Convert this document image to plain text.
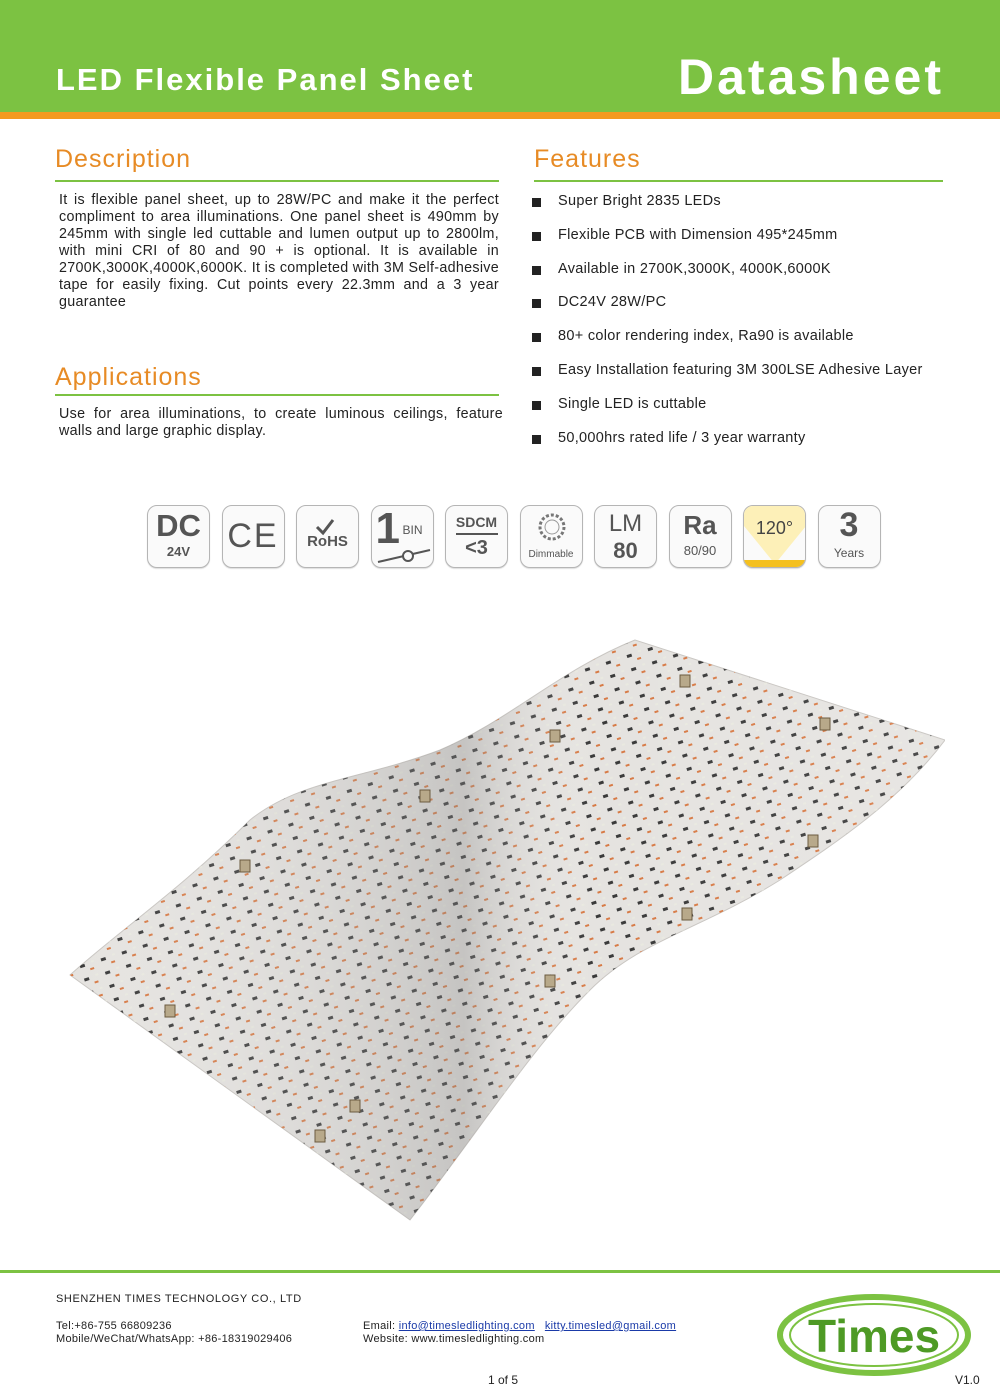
LED Flexible Panel Sheet	Datasheet
Description
It is flexible panel sheet, up to 28W/PC and make it the perfect compliment to area illuminations. One panel sheet is 490mm by 245mm with single led cuttable and lumen output up to 2800lm, with mini CRI of 80 and 90 + is optional. It is available in 2700K,3000K,4000K,6000K. It is completed with 3M Self-adhesive tape for easily fixing. Cut points every 22.3mm and a 3 year guarantee
Applications
Use for area illuminations, to create luminous ceilings, feature walls and large graphic display.
Features
Super Bright 2835 LEDs
Flexible PCB with Dimension 495*245mm
Available in 2700K,3000K, 4000K,6000K
DC24V 28W/PC
80+ color rendering index, Ra90 is available
Easy Installation featuring 3M 300LSE Adhesive Layer
Single LED is cuttable
50,000hrs rated life / 3 year warranty
DC
24V	CE	RoHS 1 BIN	SDCM
<3	Dimmable
LM
80
Ra
80/90
120°	3
Years
SHENZHEN TIMES TECHNOLOGY CO., LTD
Tel:+86-755 66809236
Mobile/WeChat/WhatsApp: +86-18319029406
Email: info@timesledlighting.com kitty.timesled@gmail.com
Website: www.timesledlighting.com	Times
1 of 5	V1.0
